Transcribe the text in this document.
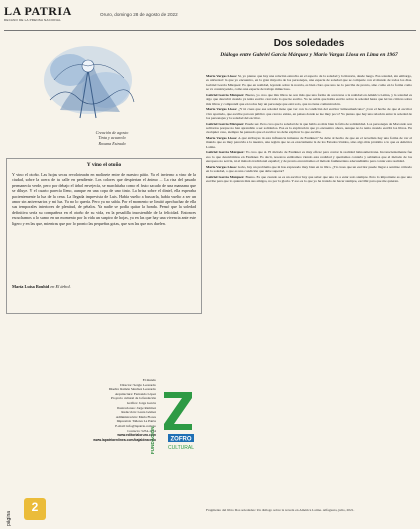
LA PATRIA
DECANO DE LA PRENSA NACIONAL
Oruro, domingo 28 de agosto de 2022
Creación de agosto
Tinta y acuarela
Roxana Estrada
Y vino el otoño
Y vino el otoño. Las hojas secas revolotearán en molinete entre de nuestro pátio. Ya el invierno a vino de la ciudad, sobre la acera de tu calle en pendiente. Los colores que despiertan el ánimo ... La risa del pasado permanecía verde, pero por debajo el árbol envejecía, se marchitaba como el fruto sacado de una manzana que se diluye. Y el cuarto parecía lleno, aunque en una copa de uno tinto. La brisa sobre el dintel, ella esperaba pacientemente la luz de la cena. La llegada imprevista de Luis. Había vuelto a buscarla, había vuelto a ser un amor sin aniversarios y mi luz. Ya no lo quería. Pero ya no sabía. Por el momento se limitó apechuchar de ella sus temporales interiores de plenitud, de pétalos. Ya nadie se podía quitar la honda. Pensó que la soledad definitiva sería su compañera en el otoño de su vida, en la pesadilla insostenible de la felicidad. Entonces escuchamos a lo sumo en un momento por la vida un suspiro de hojas, ya en las que hay una vivencia ante este ligero y en las que, mientras que por lo pronto las pequeñas gotas, que son las que nos duelen.
María Luisa Bouhid en El árbol.
El mundo
Director: Sergio Leonardo
Diseño: Ramón Sánchez Leonardo
Arquitectura: Fernando López
Proyecto cultural de la fundación
Gráfica: Jorge García
Ilustraciones: Jorge Ramírez
Redacción: Laura Gómez
Administración: María Flores
Impresión: Talleres La Patria
E-mail: info@lapatria.com.bo
Contacto: 5254-1234
www.editorialoruro.com
www.lapatriaenlinea.com/bajaldeacedo
FUNDACIÓN	ZOFRO
CULTURAL
página
2
Dos soledades
Diálogo entre Gabriel García Márquez y Mario Vargas Llosa en Lima en 1967

Mario Vargas Llosa: Sí, yo pienso que hay una relación estrecha en el aspecto de la soledad y la historia, desde luego. Esa soledad, sin embargo, es universal: la que yo encuentro, en la gran mayoría de los personajes, una especie de soledad que se comparte con el mundo de todos los días. Gabriel García Márquez: Es que en realidad, leyendo sobre la novela, es bien claro que uno no lo percibe de pronto, sino como en la forma como se va construyendo, como una especie de trabajo minucioso.

Gabriel García Márquez: Bueno, yo creo que mis libros no son más que una forma de acercarse a la realidad en América Latina, y la soledad es algo que descubrí cuando ya tenía escrito casi todo lo que he escrito. Yo no sabía que había escrito sobre la soledad hasta que leí las críticas sobre mis libros y comprendí que en todos hay un personaje que está solo, que no tiene comunicación.

Mario Vargas Llosa: ¿Y tú crees que esa soledad tiene que ver con la condición del escritor latinoamericano? ¿Con el hecho de que el escritor vive apartado, que escribe para un público que casi no existe, en países donde se lee muy poco? Yo pienso que hay una relación entre la soledad de los personajes y la soledad del escritor.

Gabriel García Márquez: Puede ser. Pero creo que la soledad de la que hablo es más bien la falta de solidaridad. Los personajes de Macondo son solitarios porque no han aprendido a ser solidarios. Esa es la explicación que yo encuentro ahora, aunque no la tenía cuando escribí los libros. En cualquier caso, siempre he pensado que el escritor no debe explicar lo que escribe.

Mario Vargas Llosa: A qué atribuyes tú esta influencia inmensa de Faulkner? Se debe al hecho de que en el novelista hay una forma de ver el mundo que es muy parecida a la nuestra, una región que no es exactamente la de los Estados Unidos, sino algo más próximo a lo que es América Latina.

Gabriel García Márquez: Yo creo que sí. El método de Faulkner es muy eficaz para contar la realidad latinoamericana. Inconscientemente fue eso lo que descubrimos en Faulkner. Es decir, nosotros estábamos viendo esta realidad y queríamos contarla y sabíamos que el método de los europeos no servía, ni el método tradicional español; y de pronto encontramos el método faulkneriano adecuadísimo para contar esta realidad.

Mario Vargas Llosa: Gabo, hay un problema que tú has expresado muy bien en tu libro. ¿Tú crees que un escritor puede llegar a sentirse cómodo en la soledad, o que es una condición que debe superar?

Gabriel García Márquez: Bueno. Es que cuando se es un escritor hay que saber que uno va a estar solo siempre. Pero lo importante es que uno escribe para que lo quieran más sus amigos, no por la gloria. Y eso es lo que yo he tratado de hacer siempre, escribir para que me quieran.

Fragmento del libro Dos soledades: Un diálogo sobre la novela en América Latina. Alfaguara, julio, 2021.
